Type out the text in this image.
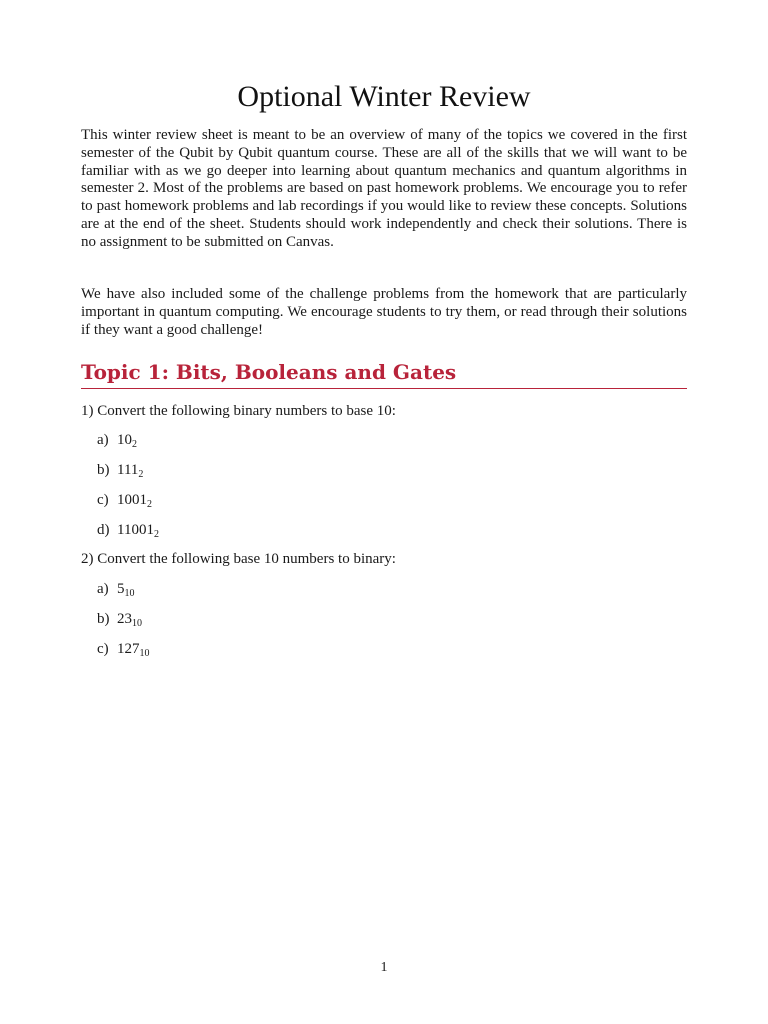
Optional Winter Review

This winter review sheet is meant to be an overview of many of the topics we covered in the first semester of the Qubit by Qubit quantum course. These are all of the skills that we will want to be familiar with as we go deeper into learning about quantum mechanics and quantum algorithms in semester 2. Most of the problems are based on past homework problems. We encourage you to refer to past homework problems and lab recordings if you would like to review these concepts. Solutions are at the end of the sheet. Students should work independently and check their solutions. There is no assignment to be submitted on Canvas.

We have also included some of the challenge problems from the homework that are particularly important in quantum computing. We encourage students to try them, or read through their solutions if they want a good challenge!

Topic 1: Bits, Booleans and Gates

1) Convert the following binary numbers to base 10:

a) $10_2$
b) $111_2$
c) $1001_2$
d) $11001_2$

2) Convert the following base 10 numbers to binary:

a) $5_{10}$
b) $23_{10}$
c) $127_{10}$
1
